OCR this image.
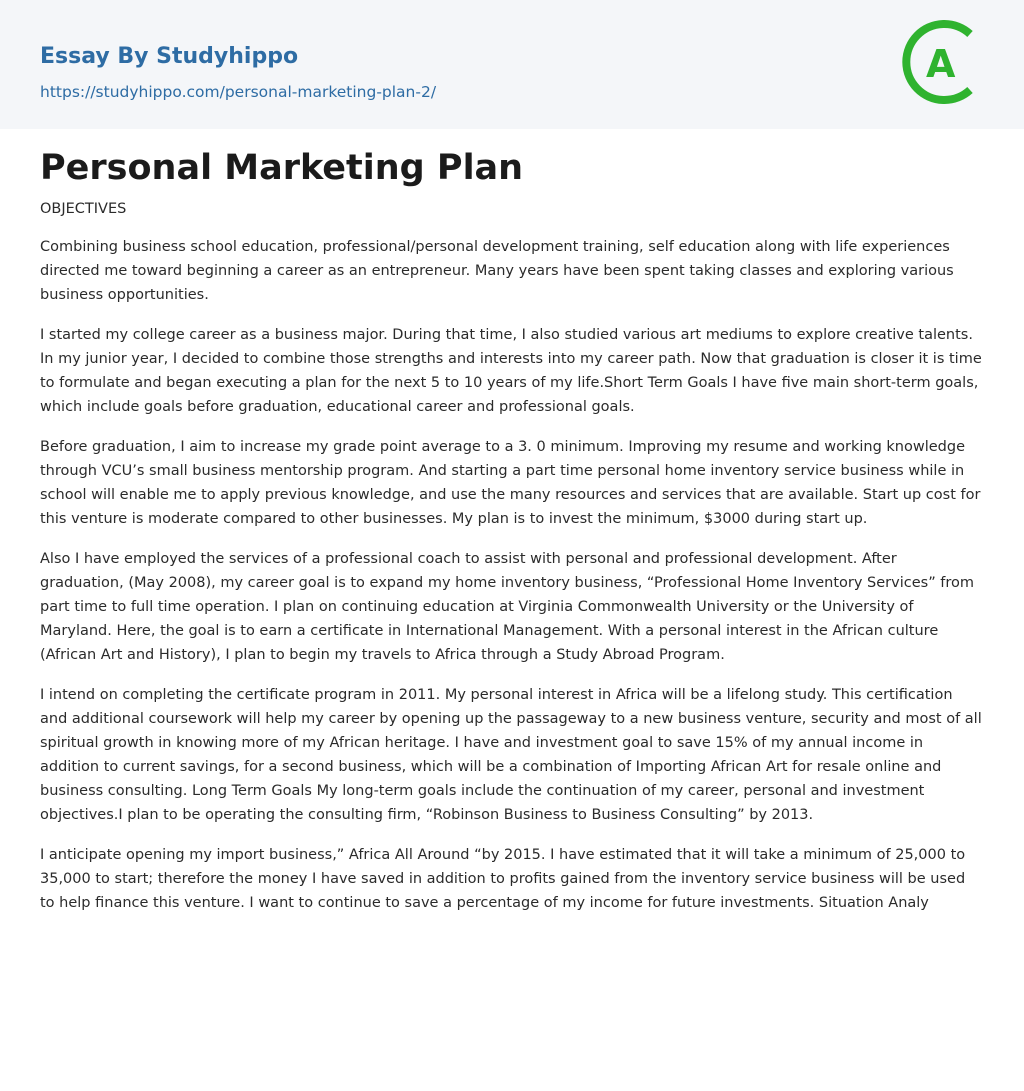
Essay By Studyhippo
https://studyhippo.com/personal-marketing-plan-2/
A
Personal Marketing Plan
OBJECTIVES

Combining business school education, professional/personal development training, self education along with life experiences directed me toward beginning a career as an entrepreneur. Many years have been spent taking classes and exploring various business opportunities.

I started my college career as a business major. During that time, I also studied various art mediums to explore creative talents. In my junior year, I decided to combine those strengths and interests into my career path. Now that graduation is closer it is time to formulate and began executing a plan for the next 5 to 10 years of my life.Short Term Goals I have five main short-term goals, which include goals before graduation, educational career and professional goals.

Before graduation, I aim to increase my grade point average to a 3. 0 minimum. Improving my resume and working knowledge through VCU’s small business mentorship program. And starting a part time personal home inventory service business while in school will enable me to apply previous knowledge, and use the many resources and services that are available. Start up cost for this venture is moderate compared to other businesses. My plan is to invest the minimum, $3000 during start up.

Also I have employed the services of a professional coach to assist with personal and professional development. After graduation, (May 2008), my career goal is to expand my home inventory business, “Professional Home Inventory Services” from part time to full time operation. I plan on continuing education at Virginia Commonwealth University or the University of Maryland. Here, the goal is to earn a certificate in International Management. With a personal interest in the African culture (African Art and History), I plan to begin my travels to Africa through a Study Abroad Program.

I intend on completing the certificate program in 2011. My personal interest in Africa will be a lifelong study. This certification and additional coursework will help my career by opening up the passageway to a new business venture, security and most of all spiritual growth in knowing more of my African heritage. I have and investment goal to save 15% of my annual income in addition to current savings, for a second business, which will be a combination of Importing African Art for resale online and business consulting. Long Term Goals My long-term goals include the continuation of my career, personal and investment objectives.I plan to be operating the consulting firm, “Robinson Business to Business Consulting” by 2013.

I anticipate opening my import business,” Africa All Around “by 2015. I have estimated that it will take a minimum of 25,000 to 35,000 to start; therefore the money I have saved in addition to profits gained from the inventory service business will be used to help finance this venture. I want to continue to save a percentage of my income for future investments. Situation Analy
